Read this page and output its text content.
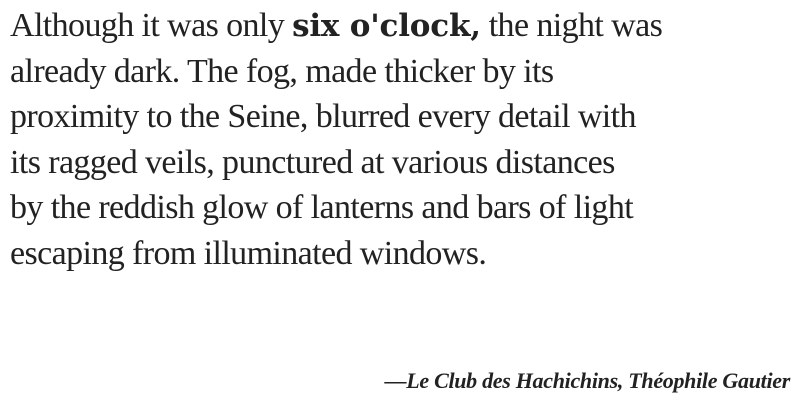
Although it was only six o'clock, the night was
already dark. The fog, made thicker by its
proximity to the Seine, blurred every detail with
its ragged veils, punctured at various distances
by the reddish glow of lanterns and bars of light
escaping from illuminated windows.
—Le Club des Hachichins, Théophile Gautier
